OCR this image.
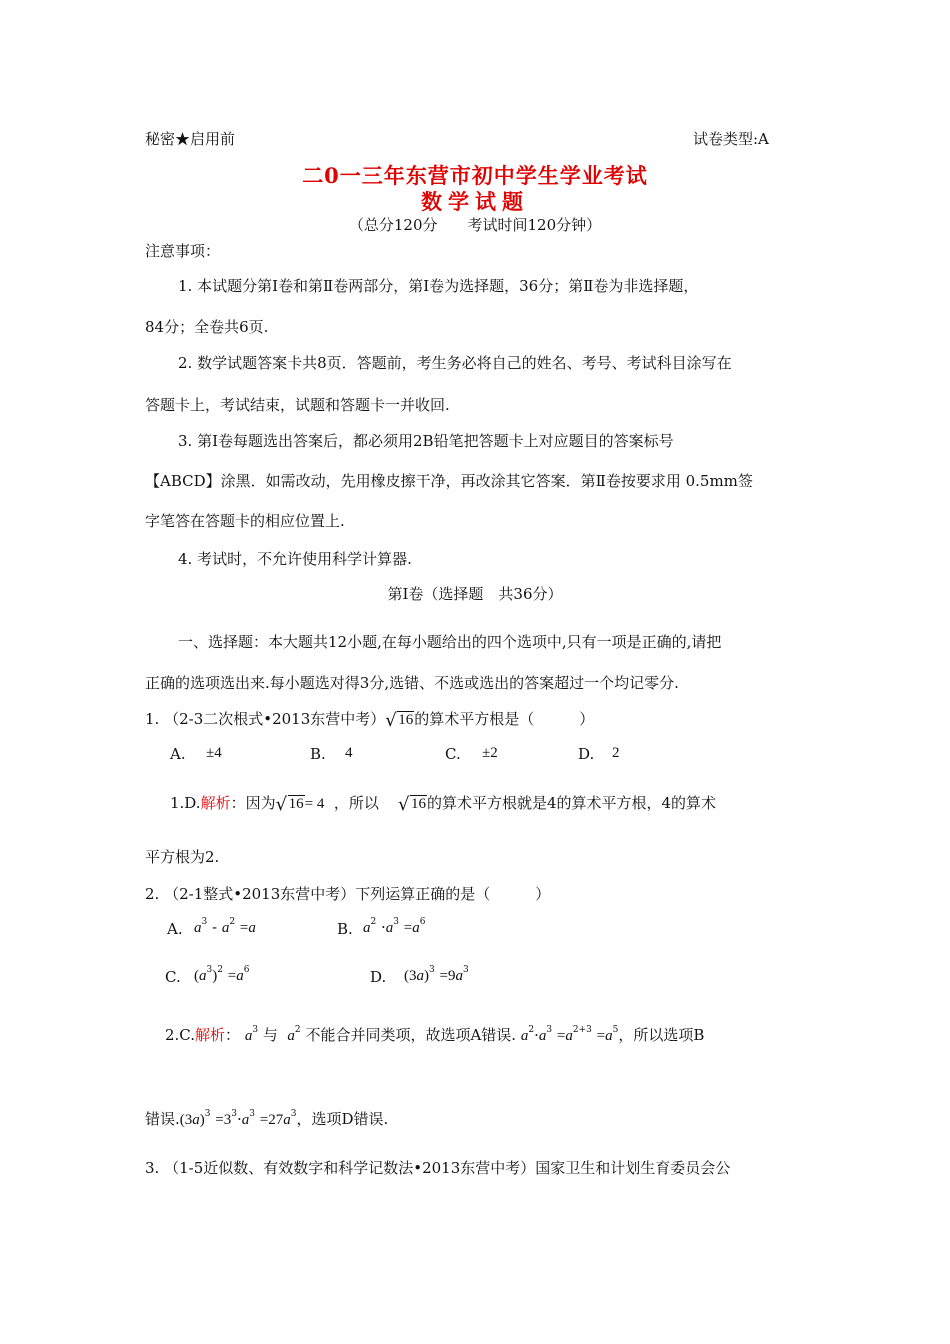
秘密★启用前	试卷类型:A
二0一三年东营市初中学生学业考试
数学试题
（总分120分　　考试时间120分钟）
注意事项：
1. 本试题分第Ⅰ卷和第Ⅱ卷两部分，第Ⅰ卷为选择题，36分；第Ⅱ卷为非选择题，
84分；全卷共6页.
2. 数学试题答案卡共8页．答题前，考生务必将自己的姓名、考号、考试科目涂写在
答题卡上，考试结束，试题和答题卡一并收回.
3. 第Ⅰ卷每题选出答案后，都必须用2B铅笔把答题卡上对应题目的答案标号
【ABCD】涂黑．如需改动，先用橡皮擦干净，再改涂其它答案．第Ⅱ卷按要求用 0.5mm签
字笔答在答题卡的相应位置上.
4. 考试时，不允许使用科学计算器.
第Ⅰ卷（选择题　共36分）
一、选择题：本大题共12小题,在每小题给出的四个选项中,只有一项是正确的,请把
正确的选项选出来.每小题选对得3分,选错、不选或选出的答案超过一个均记零分.
1. （2-3二次根式•2013东营中考） √ 16的算术平方根是（　　　）
A. ±4	B. 4	C. ±2	D. 2
1.D.解析：因为 √ 16= 4 ，所以 √ 16的算术平方根就是4的算术平方根，4的算术
平方根为2.
2. （2-1整式•2013东营中考）下列运算正确的是（　　　）
A. $a^3 - a^2 =a$	B. $a^2 \cdot a^3 =a^6$
C. $(a^3)^2 =a^6$	D. $(3a)^3 =9a^3$
2.C.解析： $a^3$ 与 $a^2$ 不能合并同类项，故选项A错误. $a^2\cdot a^3 =a^{2+3} =a^5$，所以选项B
错误$.(3a)^3 =3^3\cdot a^3 =27a^3$，选项D错误.
3. （1-5近似数、有效数字和科学记数法•2013东营中考）国家卫生和计划生育委员会公
